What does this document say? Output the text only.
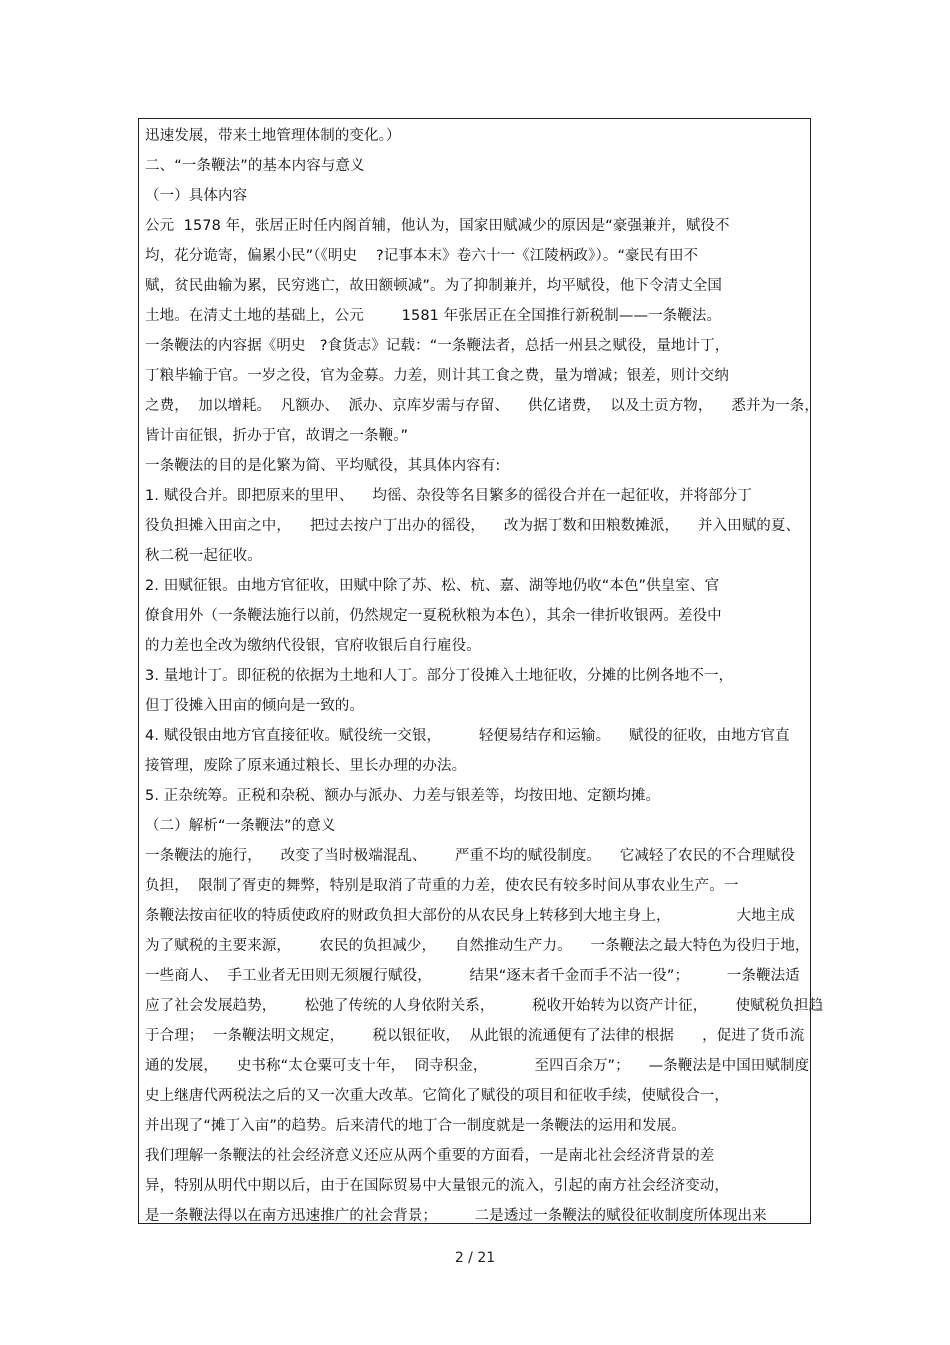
迅速发展，带来土地管理体制的变化。）
二、“一条鞭法”的基本内容与意义
（一）具体内容
公元  1578 年，张居正时任内阁首辅，他认为，国家田赋减少的原因是“豪强兼并，赋役不
均，花分诡寄，偏累小民”（《明史    ?记事本末》卷六十一《江陵柄政》）。“豪民有田不
赋，贫民曲输为累，民穷逃亡，故田额顿减”。为了抑制兼并，均平赋役，他下令清丈全国
土地。在清丈土地的基础上，公元        1581 年张居正在全国推行新税制——一条鞭法。
一条鞭法的内容据《明史   ?食货志》记载：“一条鞭法者，总括一州县之赋役，量地计丁，
丁粮毕输于官。一岁之役，官为金募。力差，则计其工食之费，量为增减；银差，则计交纳
之费，  加以增耗。  凡额办、  派办、京库岁需与存留、    供亿诸费，  以及土贡方物，    悉并为一条，
皆计亩征银，折办于官，故谓之一条鞭。”
一条鞭法的目的是化繁为简、平均赋役，其具体内容有:
1. 赋役合并。即把原来的里甲、    均徭、杂役等名目繁多的徭役合并在一起征收，并将部分丁
役负担摊入田亩之中，    把过去按户丁出办的徭役，    改为据丁数和田粮数摊派，    并入田赋的夏、
秋二税一起征收。
2. 田赋征银。由地方官征收，田赋中除了苏、松、杭、嘉、湖等地仍收“本色”供皇室、官
僚食用外（一条鞭法施行以前，仍然规定一夏税秋粮为本色），其余一律折收银两。差役中
的力差也全改为缴纳代役银，官府收银后自行雇役。
3. 量地计丁。即征税的依据为土地和人丁。部分丁役摊入土地征收，分摊的比例各地不一，
但丁役摊入田亩的倾向是一致的。
4. 赋役银由地方官直接征收。赋役统一交银，        轻便易结存和运输。    赋役的征收，由地方官直
接管理，废除了原来通过粮长、里长办理的办法。
5. 正杂统筹。正税和杂税、额办与派办、力差与银差等，均按田地、定额均摊。
（二）解析“一条鞭法”的意义
一条鞭法的施行，    改变了当时极端混乱、      严重不均的赋役制度。    它减轻了农民的不合理赋役
负担，  限制了胥吏的舞弊，特别是取消了苛重的力差，使农民有较多时间从事农业生产。一
条鞭法按亩征收的特质使政府的财政负担大部份的从农民身上转移到大地主身上，              大地主成
为了赋税的主要来源，      农民的负担减少，    自然推动生产力。    一条鞭法之最大特色为役归于地，
一些商人、  手工业者无田则无须履行赋役，        结果“逐末者千金而手不沾一役”；        一条鞭法适
应了社会发展趋势，      松弛了传统的人身依附关系，        税收开始转为以资产计征，      使赋税负担趋
于合理；  一条鞭法明文规定，      税以银征收，  从此银的流通便有了法律的根据      ，促进了货币流
通的发展，    史书称“太仓粟可支十年，  冏寺积金，          至四百余万”；    —条鞭法是中国田赋制度
史上继唐代两税法之后的又一次重大改革。它简化了赋役的项目和征收手续，使赋役合一，
并出现了“摊丁入亩”的趋势。后来清代的地丁合一制度就是一条鞭法的运用和发展。
我们理解一条鞭法的社会经济意义还应从两个重要的方面看，一是南北社会经济背景的差
异，特别从明代中期以后，由于在国际贸易中大量银元的流入，引起的南方社会经济变动，
是一条鞭法得以在南方迅速推广的社会背景；        二是透过一条鞭法的赋役征收制度所体现出来
2 / 21
